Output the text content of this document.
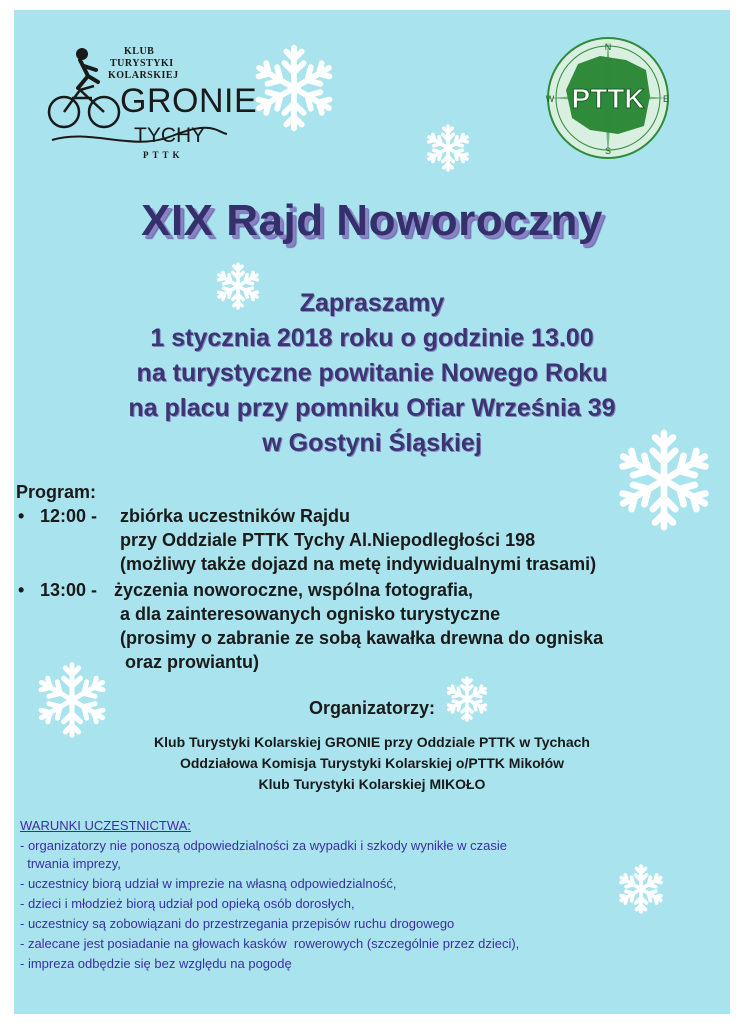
KLUB
TURYSTYKI
KOLARSKIEJ
GRONIE
TYCHY
PTTK
PTTK
N
E
S
W
XIX Rajd Noworoczny
Zapraszamy
1 stycznia 2018 roku o godzinie 13.00
na turystyczne powitanie Nowego Roku
na placu przy pomniku Ofiar Września 39
w Gostyni Śląskiej
Program:
• 12:00 - zbiórka uczestników Rajdu
przy Oddziale PTTK Tychy Al.Niepodległości 198
(możliwy także dojazd na metę indywidualnymi trasami)
• 13:00 - życzenia noworoczne, wspólna fotografia,
a dla zainteresowanych ognisko turystyczne
(prosimy o zabranie ze sobą kawałka drewna do ogniska
oraz prowiantu)
Organizatorzy:
Klub Turystyki Kolarskiej GRONIE przy Oddziale PTTK w Tychach
Oddziałowa Komisja Turystyki Kolarskiej o/PTTK Mikołów
Klub Turystyki Kolarskiej MIKOŁO
WARUNKI UCZESTNICTWA:
- organizatorzy nie ponoszą odpowiedzialności za wypadki i szkody wynikłe w czasie
trwania imprezy,
- uczestnicy biorą udział w imprezie na własną odpowiedzialność,
- dzieci i młodzież biorą udział pod opieką osób dorosłych,
- uczestnicy są zobowiązani do przestrzegania przepisów ruchu drogowego
- zalecane jest posiadanie na głowach kasków  rowerowych (szczególnie przez dzieci),
- impreza odbędzie się bez względu na pogodę
